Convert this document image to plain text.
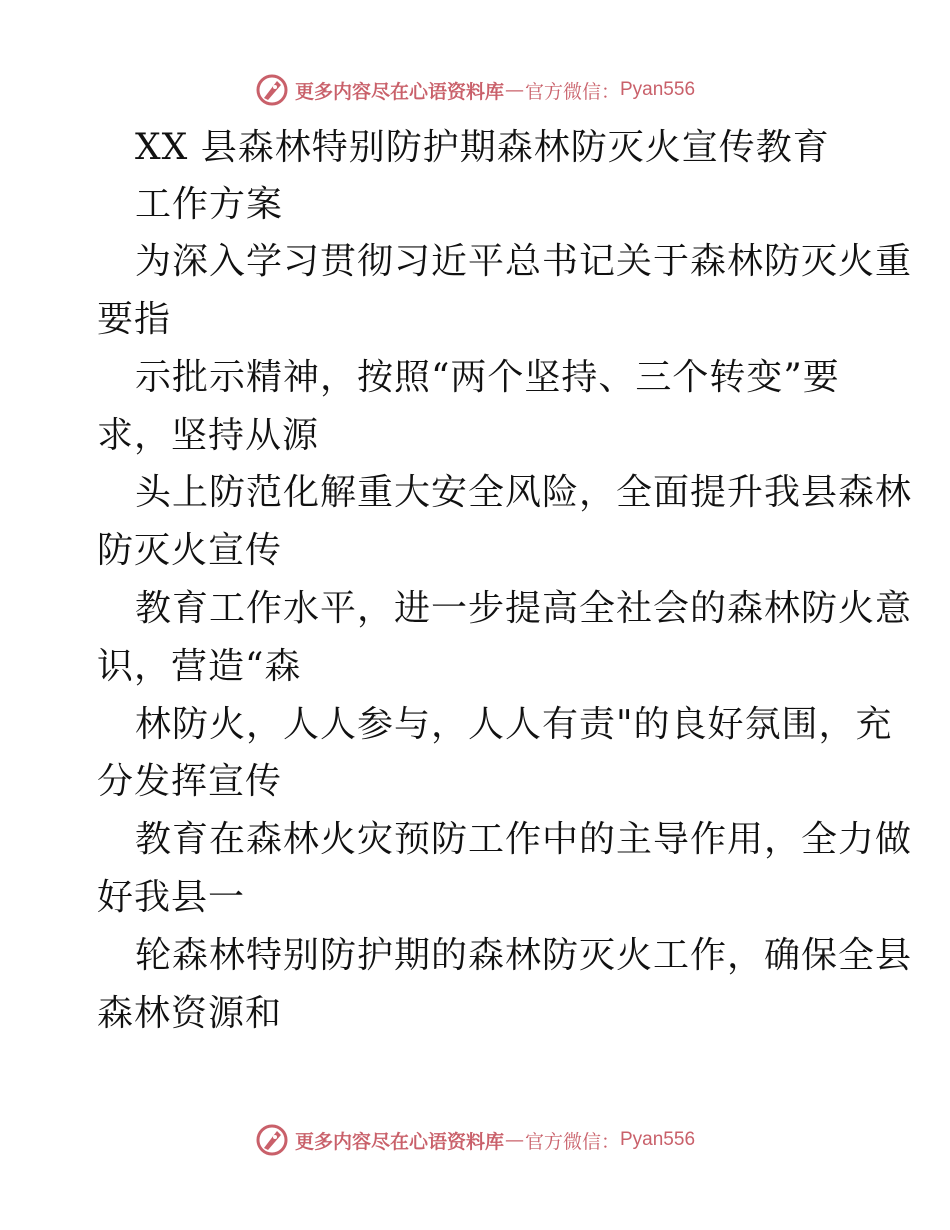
更多内容尽在心语资料库 — 官方微信： Pyan556
XX 县森林特别防护期森林防灭火宣传教育
工作方案
为深入学习贯彻习近平总书记关于森林防灭火重
要指
示批示精神，按照“两个坚持、三个转变”要
求，坚持从源
头上防范化解重大安全风险，全面提升我县森林
防灭火宣传
教育工作水平，进一步提高全社会的森林防火意
识，营造“森
林防火，人人参与，人人有责"的良好氛围，充
分发挥宣传
教育在森林火灾预防工作中的主导作用，全力做
好我县一
轮森林特别防护期的森林防灭火工作，确保全县
森林资源和
更多内容尽在心语资料库 — 官方微信： Pyan556
